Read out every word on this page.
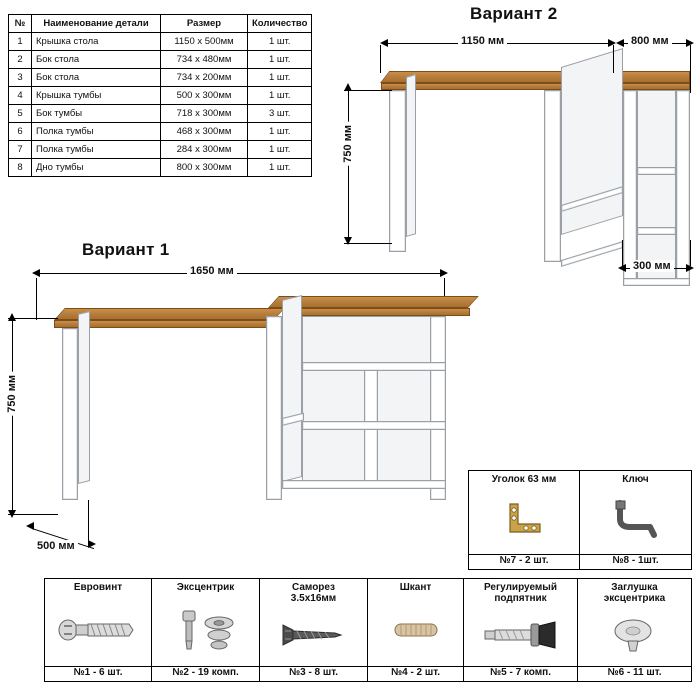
№	Наименование детали	Размер	Количество
1	Крышка стола	1150 x 500мм	1 шт.
2	Бок стола	734 x 480мм	1 шт.
3	Бок стола	734 x 200мм	1 шт.
4	Крышка тумбы	500 x 300мм	1 шт.
5	Бок тумбы	718 x 300мм	3 шт.
6	Полка тумбы	468 x 300мм	1 шт.
7	Полка тумбы	284 x 300мм	1 шт.
8	Дно тумбы	800 x 300мм	1 шт.
Вариант 2
1150 мм	800 мм
750 мм
300 мм
Вариант 1
1650 мм
750 мм
500 мм
Уголок 63 мм
№7 - 2 шт.
Ключ
№8 - 1шт.
Евровинт
№1 - 6 шт.
Эксцентрик
№2 - 19 комп.
Саморез
3.5x16мм
№3 - 8 шт.
Шкант
№4 - 2 шт.
Регулируемый
подпятник
№5 - 7 комп.
Заглушка
эксцентрика
№6 - 11 шт.
